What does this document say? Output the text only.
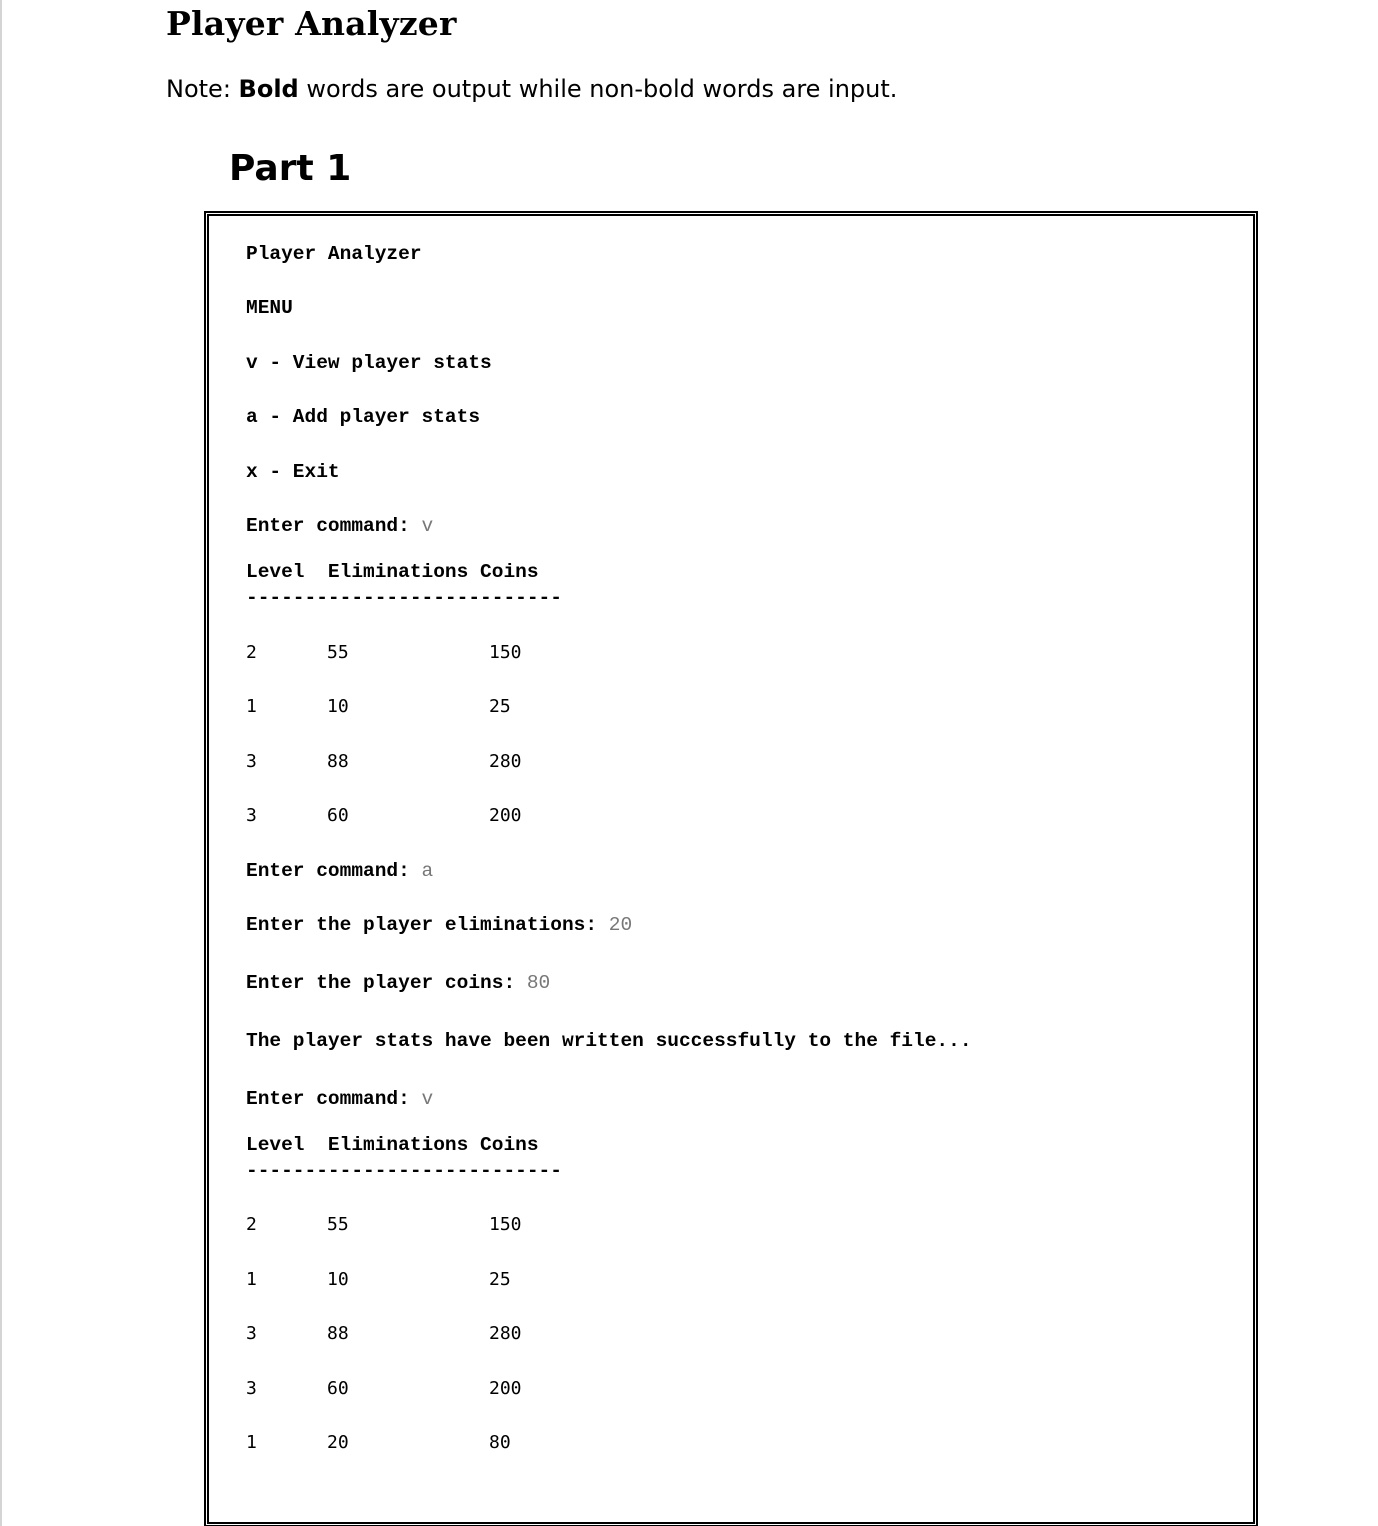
Player Analyzer

Note: Bold words are output while non-bold words are input.

Part 1
Player Analyzer
MENU
v - View player stats
a - Add player stats
x - Exit
Enter command: v
Level  Eliminations Coins
---------------------------
2	55	150
1	10	25
3	88	280
3	60	200
Enter command: a
Enter the player eliminations: 20
Enter the player coins: 80
The player stats have been written successfully to the file...
Enter command: v
Level  Eliminations Coins
---------------------------
2	55	150
1	10	25
3	88	280
3	60	200
1	20	80
